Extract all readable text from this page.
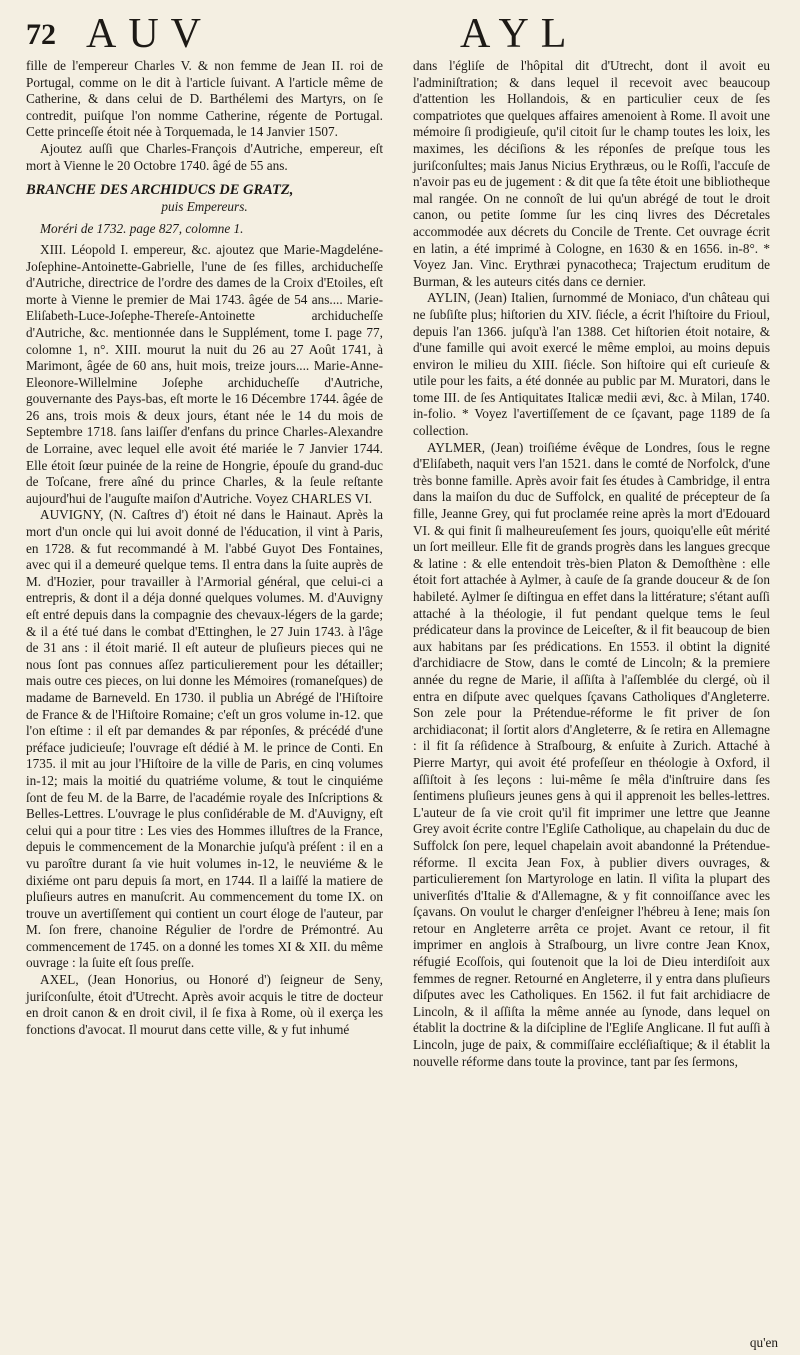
72 AUV	AYL

fille de l'empereur Charles V. & non femme de Jean II. roi de Portugal, comme on le dit à l'article ſuivant. A l'article même de Catherine, & dans celui de D. Barthélemi des Martyrs, on ſe contredit, puiſque l'on nomme Catherine, régente de Portugal. Cette princeſſe étoit née à Torquemada, le 14 Janvier 1507.

Ajoutez auſſi que Charles-François d'Autriche, empereur, eſt mort à Vienne le 20 Octobre 1740. âgé de 55 ans.

BRANCHE DES ARCHIDUCS DE GRATZ,

puis Empereurs.

Moréri de 1732. page 827, colomne 1.

XIII. Léopold I. empereur, &c. ajoutez que Marie-Magdeléne-Joſephine-Antoinette-Gabrielle, l'une de ſes filles, archiducheſſe d'Autriche, directrice de l'ordre des dames de la Croix d'Etoiles, eſt morte à Vienne le premier de Mai 1743. âgée de 54 ans.... Marie-Eliſabeth-Luce-Joſephe-Thereſe-Antoinette archiducheſſe d'Autriche, &c. mentionnée dans le Supplément, tome I. page 77, colomne 1, n°. XIII. mourut la nuit du 26 au 27 Août 1741, à Marimont, âgée de 60 ans, huit mois, treize jours.... Marie-Anne-Eleonore-Willelmine Joſephe archiducheſſe d'Autriche, gouvernante des Pays-bas, eſt morte le 16 Décembre 1744. âgée de 26 ans, trois mois & deux jours, étant née le 14 du mois de Septembre 1718. ſans laiſſer d'enfans du prince Charles-Alexandre de Lorraine, avec lequel elle avoit été mariée le 7 Janvier 1744. Elle étoit ſœur puinée de la reine de Hongrie, épouſe du grand-duc de Toſcane, frere aîné du prince Charles, & la ſeule reſtante aujourd'hui de l'auguſte maiſon d'Autriche. Voyez CHARLES VI.

AUVIGNY, (N. Caſtres d') étoit né dans le Hainaut. Après la mort d'un oncle qui lui avoit donné de l'éducation, il vint à Paris, en 1728. & fut recommandé à M. l'abbé Guyot Des Fontaines, avec qui il a demeuré quelque tems. Il entra dans la ſuite auprès de M. d'Hozier, pour travailler à l'Armorial général, que celui-ci a entrepris, & dont il a déja donné quelques volumes. M. d'Auvigny eſt entré depuis dans la compagnie des chevaux-légers de la garde; & il a été tué dans le combat d'Ettinghen, le 27 Juin 1743. à l'âge de 31 ans : il étoit marié. Il eſt auteur de pluſieurs pieces qui ne nous ſont pas connues aſſez particulierement pour les détailler; mais outre ces pieces, on lui donne les Mémoires (romaneſques) de madame de Barneveld. En 1730. il publia un Abrégé de l'Hiſtoire de France & de l'Hiſtoire Romaine; c'eſt un gros volume in-12. que l'on eſtime : il eſt par demandes & par réponſes, & précédé d'une préface judicieuſe; l'ouvrage eſt dédié à M. le prince de Conti. En 1735. il mit au jour l'Hiſtoire de la ville de Paris, en cinq volumes in-12; mais la moitié du quatriéme volume, & tout le cinquiéme ſont de feu M. de la Barre, de l'académie royale des Inſcriptions & Belles-Lettres. L'ouvrage le plus conſidérable de M. d'Auvigny, eſt celui qui a pour titre : Les vies des Hommes illuſtres de la France, depuis le commencement de la Monarchie juſqu'à préſent : il en a vu paroître durant ſa vie huit volumes in-12, le neuviéme & le dixiéme ont paru depuis ſa mort, en 1744. Il a laiſſé la matiere de pluſieurs autres en manuſcrit. Au commencement du tome IX. on trouve un avertiſſement qui contient un court éloge de l'auteur, par M. ſon frere, chanoine Régulier de l'ordre de Prémontré. Au commencement de 1745. on a donné les tomes XI & XII. du même ouvrage : la ſuite eſt ſous preſſe.

AXEL, (Jean Honorius, ou Honoré d') ſeigneur de Seny, juriſconſulte, étoit d'Utrecht. Après avoir acquis le titre de docteur en droit canon & en droit civil, il ſe fixa à Rome, où il exerça les fonctions d'avocat. Il mourut dans cette ville, & y fut inhumé

dans l'égliſe de l'hôpital dit d'Utrecht, dont il avoit eu l'adminiſtration; & dans lequel il recevoit avec beaucoup d'attention les Hollandois, & en particulier ceux de ſes compatriotes que quelques affaires amenoient à Rome. Il avoit une mémoire ſi prodigieuſe, qu'il citoit ſur le champ toutes les loix, les maximes, les déciſions & les réponſes de preſque tous les juriſconſultes; mais Janus Nicius Erythræus, ou le Roſſi, l'accuſe de n'avoir pas eu de jugement : & dit que ſa tête étoit une bibliotheque mal rangée. On ne connoît de lui qu'un abrégé de tout le droit canon, ou petite ſomme ſur les cinq livres des Décretales accommodée aux décrets du Concile de Trente. Cet ouvrage écrit en latin, a été imprimé à Cologne, en 1630 & en 1656. in-8°. * Voyez Jan. Vinc. Erythræi pynacotheca; Trajectum eruditum de Burman, & les auteurs cités dans ce dernier.

AYLIN, (Jean) Italien, ſurnommé de Moniaco, d'un château qui ne ſubſiſte plus; hiſtorien du XIV. ſiécle, a écrit l'hiſtoire du Frioul, depuis l'an 1366. juſqu'à l'an 1388. Cet hiſtorien étoit notaire, & d'une famille qui avoit exercé le même emploi, au moins depuis environ le milieu du XIII. ſiécle. Son hiſtoire qui eſt curieuſe & utile pour les faits, a été donnée au public par M. Muratori, dans le tome III. de ſes Antiquitates Italicæ medii ævi, &c. à Milan, 1740. in-folio. * Voyez l'avertiſſement de ce ſçavant, page 1189 de ſa collection.

AYLMER, (Jean) troiſiéme évêque de Londres, ſous le regne d'Eliſabeth, naquit vers l'an 1521. dans le comté de Norfolck, d'une très bonne famille. Après avoir fait ſes études à Cambridge, il entra dans la maiſon du duc de Suffolck, en qualité de précepteur de ſa fille, Jeanne Grey, qui fut proclamée reine après la mort d'Edouard VI. & qui finit ſi malheureuſement ſes jours, quoiqu'elle eût mérité un ſort meilleur. Elle fit de grands progrès dans les langues grecque & latine : & elle entendoit très-bien Platon & Demoſthène : elle étoit fort attachée à Aylmer, à cauſe de ſa grande douceur & de ſon habileté. Aylmer ſe diſtingua en effet dans la littérature; s'étant auſſi attaché à la théologie, il fut pendant quelque tems le ſeul prédicateur dans la province de Leiceſter, & il fit beaucoup de bien aux habitans par ſes prédications. En 1553. il obtint la dignité d'archidiacre de Stow, dans le comté de Lincoln; & la premiere année du regne de Marie, il aſſiſta à l'aſſemblée du clergé, où il entra en diſpute avec quelques ſçavans Catholiques d'Angleterre. Son zele pour la Prétendue-réforme le fit priver de ſon archidiaconat; il ſortit alors d'Angleterre, & ſe retira en Allemagne : il fit ſa réſidence à Straſbourg, & enſuite à Zurich. Attaché à Pierre Martyr, qui avoit été profeſſeur en théologie à Oxford, il aſſiſtoit à ſes leçons : lui-même ſe mêla d'inſtruire dans ſes ſentimens pluſieurs jeunes gens à qui il apprenoit les belles-lettres. L'auteur de ſa vie croit qu'il fit imprimer une lettre que Jeanne Grey avoit écrite contre l'Egliſe Catholique, au chapelain du duc de Suffolck ſon pere, lequel chapelain avoit abandonné la Prétendue-réforme. Il excita Jean Fox, à publier divers ouvrages, & particulierement ſon Martyrologe en latin. Il viſita la plupart des univerſités d'Italie & d'Allemagne, & y fit connoiſſance avec les ſçavans. On voulut le charger d'enſeigner l'hébreu à Iene; mais ſon retour en Angleterre arrêta ce projet. Avant ce retour, il fit imprimer en anglois à Straſbourg, un livre contre Jean Knox, réfugié Ecoſſois, qui ſoutenoit que la loi de Dieu interdiſoit aux femmes de regner. Retourné en Angleterre, il y entra dans pluſieurs diſputes avec les Catholiques. En 1562. il fut fait archidiacre de Lincoln, & il aſſiſta la même année au ſynode, dans lequel on établit la doctrine & la diſcipline de l'Egliſe Anglicane. Il fut auſſi à Lincoln, juge de paix, & commiſſaire eccléſiaſtique; & il établit la nouvelle réforme dans toute la province, tant par ſes ſermons,

qu'en
